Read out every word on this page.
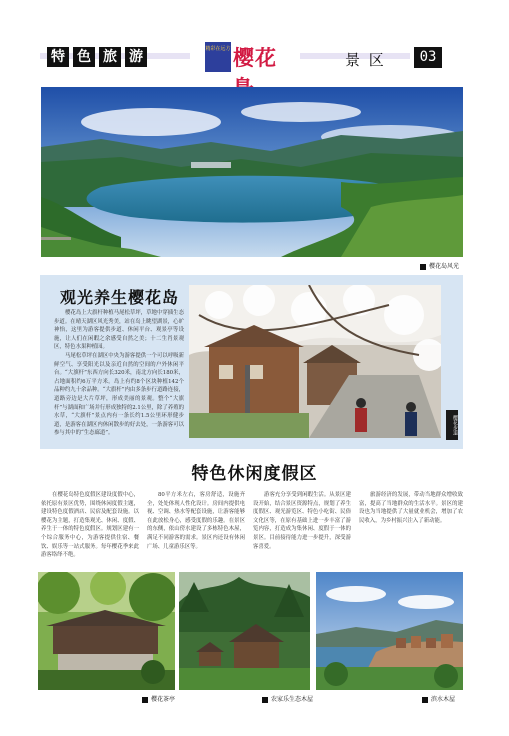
特 色 旅 游	精彩在远方 樱花	景 区	03
樱花岛风光
观光养生樱花岛

樱花岛上大旗杆种植马尾松草坪，草地中穿插生态步道。在晴天湖区风光秀美，站在岛上眺望湖景，心旷神怡，这里为游客提供步道、休闲平台、观景亭等设施，让人们在闲暇之余感受自然之美；十二生肖景观区，特色水果种植园。

马尾松草坪在湖区中央为游客提供一个可以呼吸新鲜空气、享受阳光以及亲近自然的空间的户外休闲平台。“大旗杆”东西方向长320米，南北方向长180米，占地面积约6万平方米。岛上有约8个区块种植142个品种约九十余品种。“大旗杆”内由多条步行道路连接，道路旁边是大片草坪，形成美丽的景观。整个“大旗杆”与湖面和广场并行形成独特的2.1公里，除了养殖的水草，“大旗杆”景点内有一条长约1.5公里环形健步道，是游客在湖区内休闲散步的好去处，一条游客可以参与其中的“生态廊道”。	樱花步道
特色休闲度假区

在樱花岛特色度假区建设度假中心，依托原有景区优势，围绕休闲度假主题，建设特色度假酒店、民宿及配套设施。以樱花为主题，打造集观光、休闲、度假、养生于一体的特色度假区。规划区建有一个综合服务中心，为游客提供住宿、餐饮、娱乐等一站式服务。每年樱花季来此游客络绎不绝。

80平方米左右，客房舒适，设施齐全，处处体现人性化设计。房间内提供电视、空调、热水等配套设施，让游客能够在此放松身心，感受度假的乐趣。在景区的东侧，依山傍水建设了多栋特色木屋，满足不同游客的需求。景区内还设有休闲广场、儿童游乐区等。

游客充分享受到闲暇生活。从景区建设开始，结合景区资源特点，规划了养生度假区、观光游览区、特色小吃街、民俗文化区等，在原有基础上进一步丰富了游览内容，打造成为集休闲、度假于一体的景区。目前接待能力进一步提升，深受游客喜爱。

旅游经济的发展，带动当地群众增收致富，提高了当地群众的生活水平。景区的建设也为当地提供了大量就业机会，增加了农民收入，为乡村振兴注入了新动能。

樱花茶亭	农家乐生态木屋	滨水木屋
